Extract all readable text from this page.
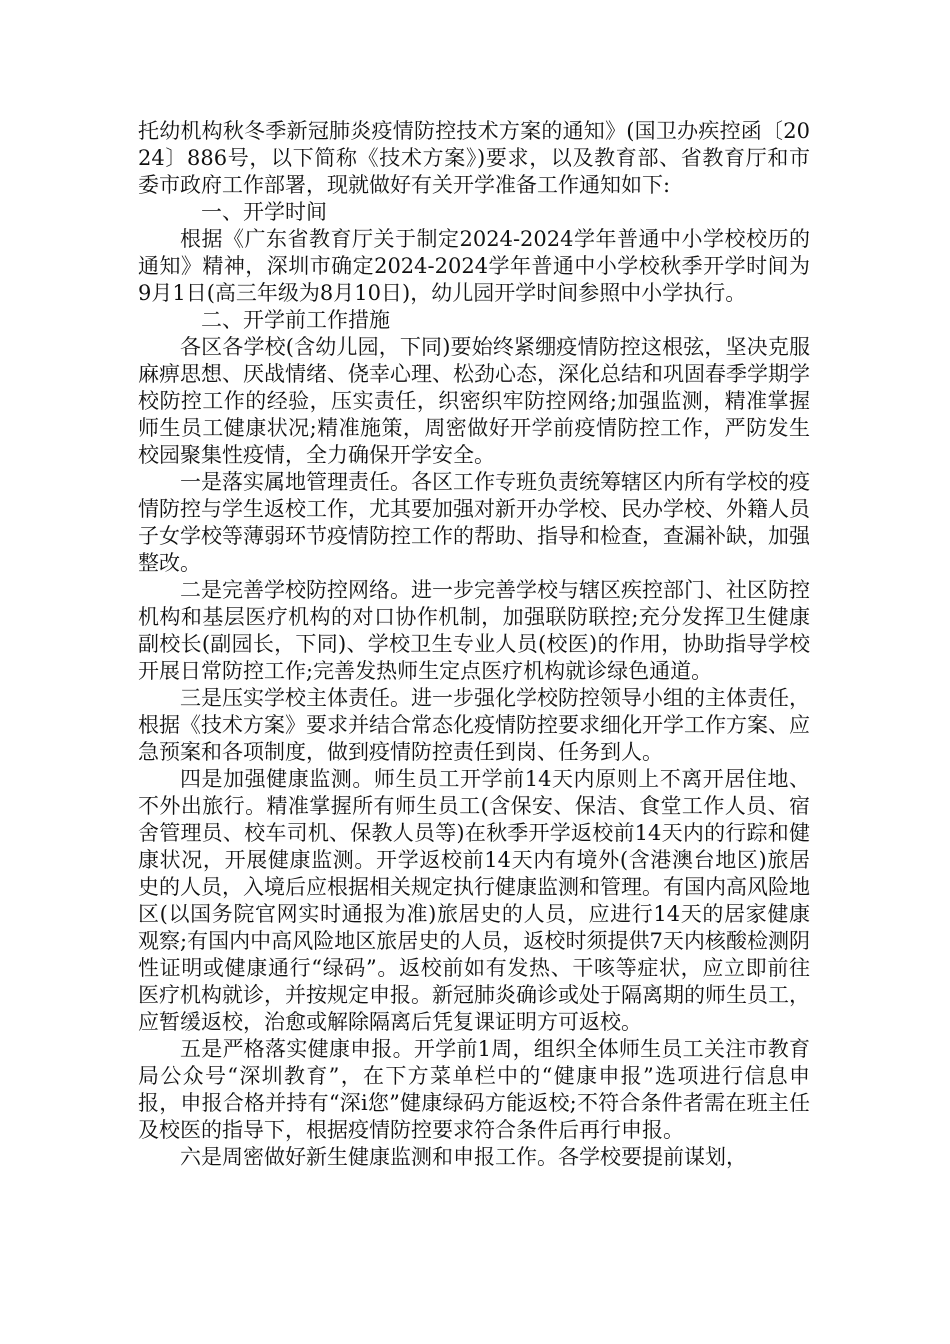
托幼机构秋冬季新冠肺炎疫情防控技术方案的通知》(国卫办疾控函〔2024〕886号，以下简称《技术方案》)要求，以及教育部、省教育厅和市委市政府工作部署，现就做好有关开学准备工作通知如下:

一、开学时间

根据《广东省教育厅关于制定2024-2024学年普通中小学校校历的通知》精神，深圳市确定2024-2024学年普通中小学校秋季开学时间为9月1日(高三年级为8月10日)，幼儿园开学时间参照中小学执行。

二、开学前工作措施

各区各学校(含幼儿园，下同)要始终紧绷疫情防控这根弦，坚决克服麻痹思想、厌战情绪、侥幸心理、松劲心态，深化总结和巩固春季学期学校防控工作的经验，压实责任，织密织牢防控网络;加强监测，精准掌握师生员工健康状况;精准施策，周密做好开学前疫情防控工作，严防发生校园聚集性疫情，全力确保开学安全。

一是落实属地管理责任。各区工作专班负责统筹辖区内所有学校的疫情防控与学生返校工作，尤其要加强对新开办学校、民办学校、外籍人员子女学校等薄弱环节疫情防控工作的帮助、指导和检查，查漏补缺，加强整改。

二是完善学校防控网络。进一步完善学校与辖区疾控部门、社区防控机构和基层医疗机构的对口协作机制，加强联防联控;充分发挥卫生健康副校长(副园长，下同)、学校卫生专业人员(校医)的作用，协助指导学校开展日常防控工作;完善发热师生定点医疗机构就诊绿色通道。

三是压实学校主体责任。进一步强化学校防控领导小组的主体责任，根据《技术方案》要求并结合常态化疫情防控要求细化开学工作方案、应急预案和各项制度，做到疫情防控责任到岗、任务到人。

四是加强健康监测。师生员工开学前14天内原则上不离开居住地、不外出旅行。精准掌握所有师生员工(含保安、保洁、食堂工作人员、宿舍管理员、校车司机、保教人员等)在秋季开学返校前14天内的行踪和健康状况，开展健康监测。开学返校前14天内有境外(含港澳台地区)旅居史的人员，入境后应根据相关规定执行健康监测和管理。有国内高风险地区(以国务院官网实时通报为准)旅居史的人员，应进行14天的居家健康观察;有国内中高风险地区旅居史的人员，返校时须提供7天内核酸检测阴性证明或健康通行“绿码”。返校前如有发热、干咳等症状，应立即前往医疗机构就诊，并按规定申报。新冠肺炎确诊或处于隔离期的师生员工，应暂缓返校，治愈或解除隔离后凭复课证明方可返校。

五是严格落实健康申报。开学前1周，组织全体师生员工关注市教育局公众号“深圳教育”，在下方菜单栏中的“健康申报”选项进行信息申报，申报合格并持有“深i您”健康绿码方能返校;不符合条件者需在班主任及校医的指导下，根据疫情防控要求符合条件后再行申报。

六是周密做好新生健康监测和申报工作。各学校要提前谋划，
